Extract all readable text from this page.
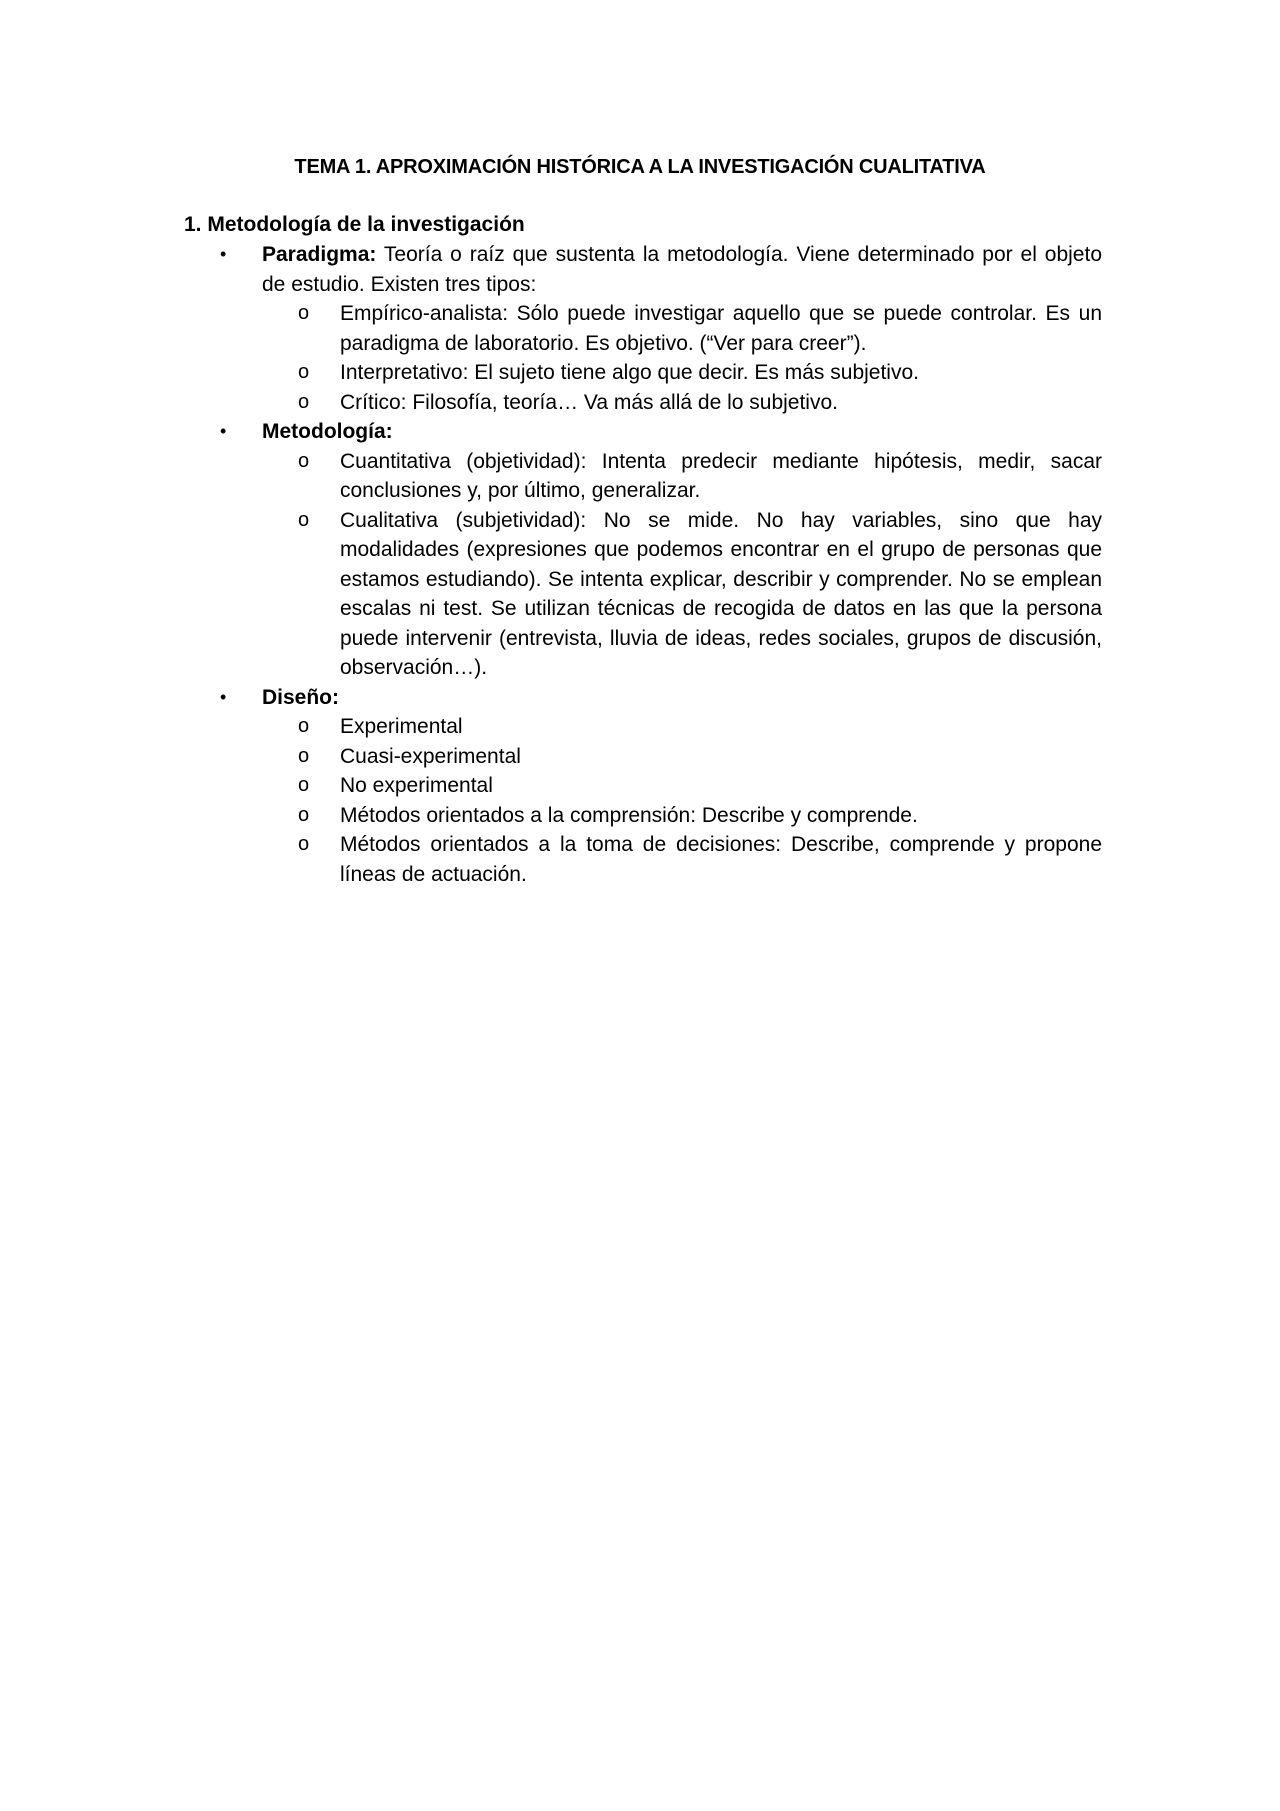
TEMA 1. APROXIMACIÓN HISTÓRICA A LA INVESTIGACIÓN CUALITATIVA

1. Metodología de la investigación

• Paradigma: Teoría o raíz que sustenta la metodología. Viene determinado por el objeto de estudio. Existen tres tipos:
o Empírico-analista: Sólo puede investigar aquello que se puede controlar. Es un paradigma de laboratorio. Es objetivo. (“Ver para creer”).
o Interpretativo: El sujeto tiene algo que decir. Es más subjetivo.
o Crítico: Filosofía, teoría… Va más allá de lo subjetivo.
• Metodología:
o Cuantitativa (objetividad): Intenta predecir mediante hipótesis, medir, sacar conclusiones y, por último, generalizar.
o Cualitativa (subjetividad): No se mide. No hay variables, sino que hay modalidades (expresiones que podemos encontrar en el grupo de personas que estamos estudiando). Se intenta explicar, describir y comprender. No se emplean escalas ni test. Se utilizan técnicas de recogida de datos en las que la persona puede intervenir (entrevista, lluvia de ideas, redes sociales, grupos de discusión, observación…).
• Diseño:
o Experimental
o Cuasi-experimental
o No experimental
o Métodos orientados a la comprensión: Describe y comprende.
o Métodos orientados a la toma de decisiones: Describe, comprende y propone líneas de actuación.
